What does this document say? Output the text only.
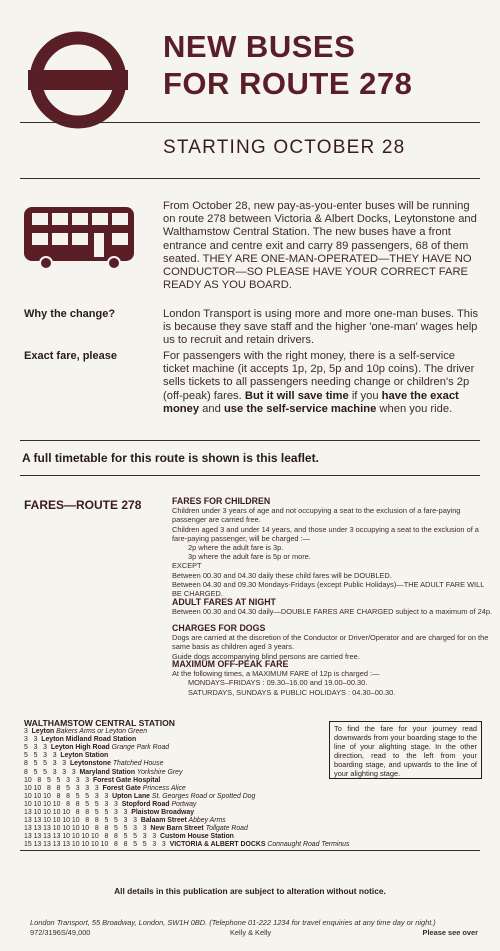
NEW BUSES
FOR ROUTE 278
STARTING OCTOBER 28
From October 28, new pay-as-you-enter buses will be running on route 278 between Victoria & Albert Docks, Leytonstone and Walthamstow Central Station. The new buses have a front entrance and centre exit and carry 89 passengers, 68 of them seated. THEY ARE ONE-MAN-OPERATED—THEY HAVE NO CONDUCTOR—SO PLEASE HAVE YOUR CORRECT FARE READY AS YOU BOARD.
Why the change?	London Transport is using more and more one-man buses. This is because they save staff and the higher 'one-man' wages help us to recruit and retain drivers.
Exact fare, please	For passengers with the right money, there is a self-service ticket machine (it accepts 1p, 2p, 5p and 10p coins). The driver sells tickets to all passengers needing change or children's 2p (off-peak) fares. But it will save time if you have the exact money and use the self-service machine when you ride.
A full timetable for this route is shown is this leaflet.
FARES—ROUTE 278	FARES FOR CHILDREN
Children under 3 years of age and not occupying a seat to the exclusion of a fare-paying passenger are carried free.
Children aged 3 and under 14 years, and those under 3 occupying a seat to the exclusion of a fare-paying passenger, will be charged :—
2p where the adult fare is 3p.
3p where the adult fare is 5p or more.
EXCEPT
Between 00.30 and 04.30 daily these child fares will be DOUBLED.
Between 04.30 and 09.30 Mondays-Fridays (except Public Holidays)—THE ADULT FARE WILL BE CHARGED.
ADULT FARES AT NIGHT
Between 00.30 and 04.30 daily—DOUBLE FARES ARE CHARGED subject to a maximum of 24p.
CHARGES FOR DOGS
Dogs are carried at the discretion of the Conductor or Driver/Operator and are charged for on the same basis as children aged 3 years.
Guide dogs accompanying blind persons are carried free.
MAXIMUM OFF-PEAK FARE
At the following times, a MAXIMUM FARE of 12p is charged :—
MONDAYS–FRIDAYS : 09.30–16.00 and 19.00–00.30.
SATURDAYS, SUNDAYS & PUBLIC HOLIDAYS : 04.30–00.30.
WALTHAMSTOW CENTRAL STATION
3  Leyton Bakers Arms or Leyton Green
3   3  Leyton Midland Road Station
5   3   3  Leyton High Road Grange Park Road
5   5   3   3  Leyton Station
8   5   5   3   3  Leytonstone Thatched House
8   5   5   3   3   3  Maryland Station Yorkshire Grey
10   8   5   5   3   3   3  Forest Gate Hospital
10 10   8   8   5   3   3   3  Forest Gate Princess Alice
10 10 10   8   8   5   5   3   3  Upton Lane St. Georges Road or Spotted Dog
10 10 10 10   8   8   5   5   3   3  Stopford Road Portway
13 10 10 10 10   8   8   5   5   3   3  Plaistow Broadway
13 13 10 10 10 10   8   8   5   5   3   3  Balaam Street Abbey Arms
13 13 13 10 10 10 10   8   8   5   5   3   3  New Barn Street Tollgate Road
13 13 13 13 10 10 10 10   8   8   5   5   3   3  Custom House Station
15 13 13 13 13 10 10 10 10   8   8   5   5   3   3  VICTORIA & ALBERT DOCKS Connaught Road Terminus
To find the fare for your journey read downwards from your boarding stage to the line of your alighting stage. In the other direction, read to the left from your boarding stage, and upwards to the line of your alighting stage.
All details in this publication are subject to alteration without notice.
London Transport, 55 Broadway, London, SW1H 0BD. (Telephone 01-222 1234 for travel enquiries at any time day or night.)
972/3196S/49,000	Kelly & Kelly	Please see over
